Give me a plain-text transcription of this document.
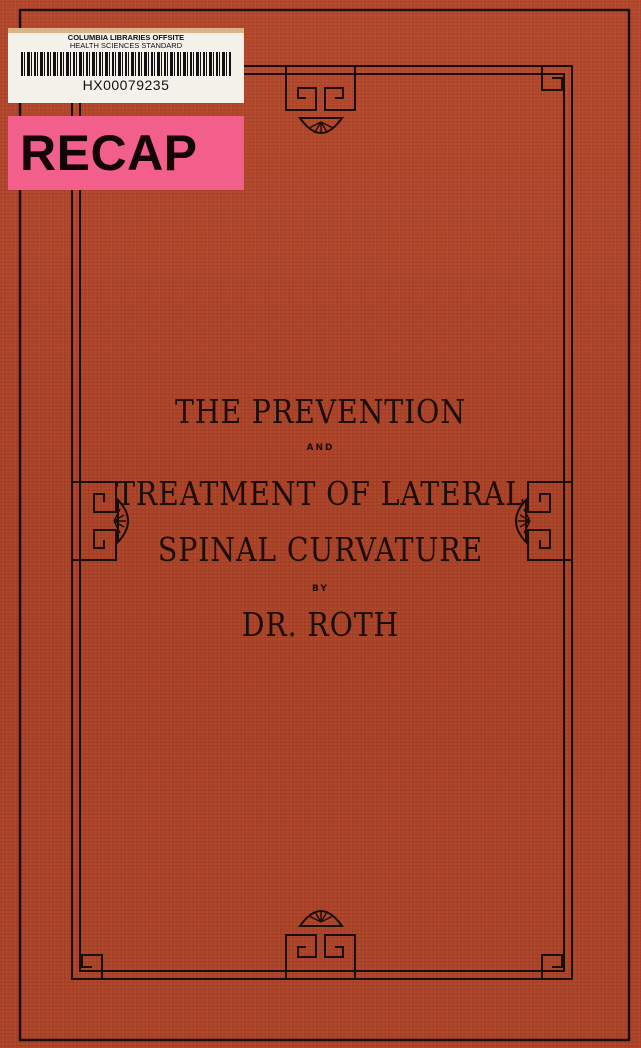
THE PREVENTION
AND
TREATMENT OF LATERAL
SPINAL CURVATURE
BY
DR. ROTH
COLUMBIA LIBRARIES OFFSITE
HEALTH SCIENCES STANDARD
HX00079235
RECAP
